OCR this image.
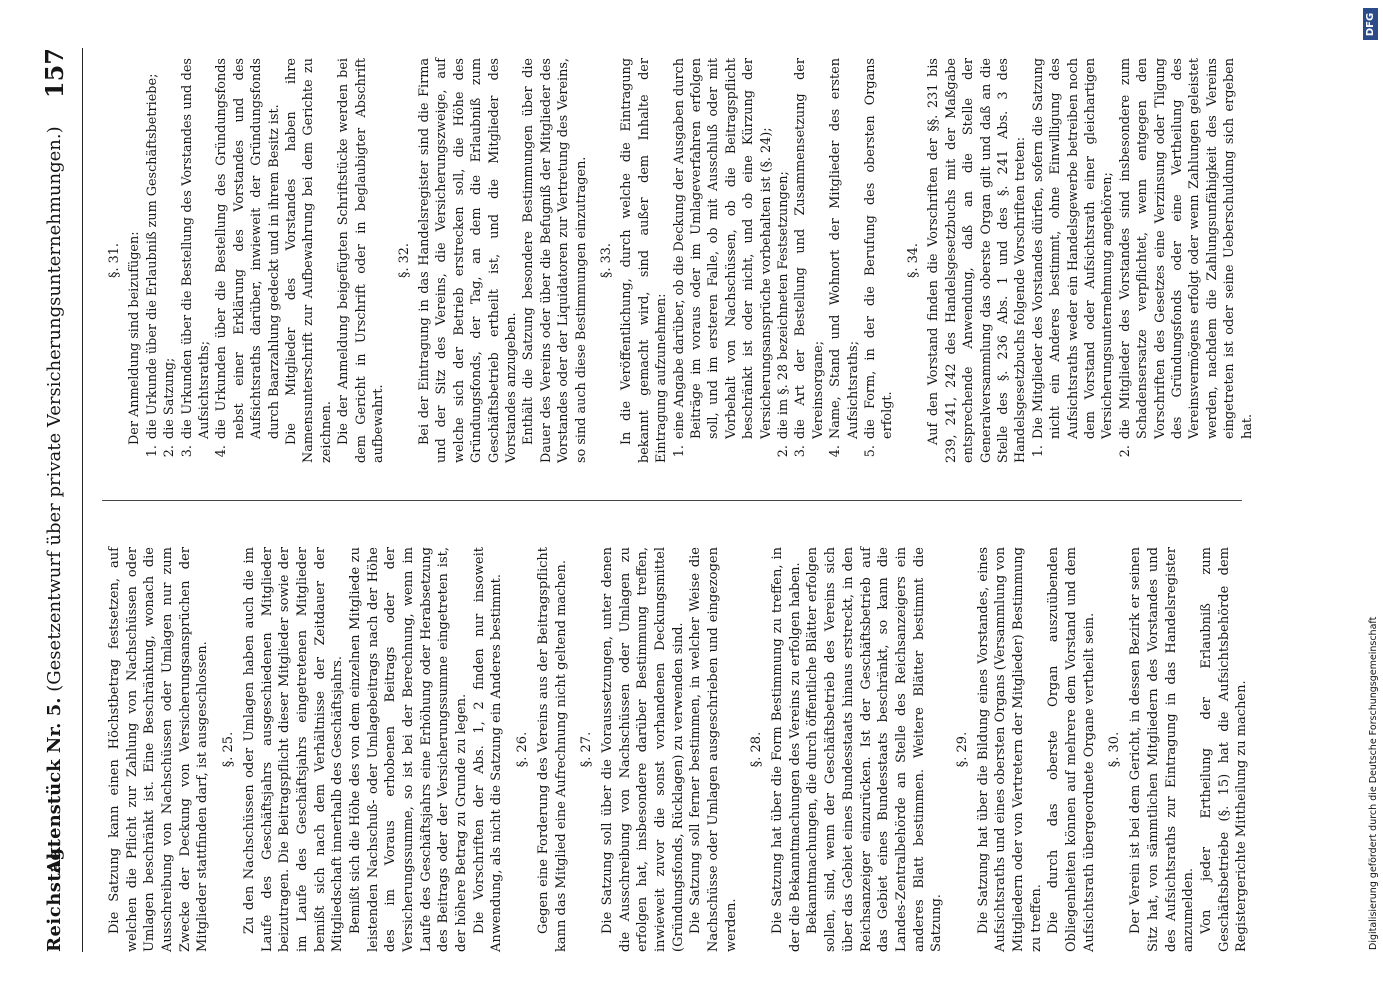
Reichstag.
Aktenstück Nr. 5. (Gesetzentwurf über private Versicherungsunternehmungen.)
157

Die Satzung kann einen Höchstbetrag festsetzen, auf welchen die Pflicht zur Zahlung von Nachschüssen oder Umlagen beschränkt ist. Eine Beschränkung, wonach die Ausschreibung von Nachschüssen oder Umlagen nur zum Zwecke der Deckung von Versicherungsansprüchen der Mitglieder stattfinden darf, ist ausgeschlossen. §. 25. Zu den Nachschüssen oder Umlagen haben auch die im Laufe des Geschäftsjahrs ausgeschiedenen Mitglieder beizutragen. Die Beitragspflicht dieser Mitglieder sowie der im Laufe des Geschäftsjahrs eingetretenen Mitglieder bemißt sich nach dem Verhältnisse der Zeitdauer der Mitgliedschaft innerhalb des Geschäftsjahrs. Bemißt sich die Höhe des von dem einzelnen Mitgliede zu leistenden Nachschuß- oder Umlagebeitrags nach der Höhe des im Voraus erhobenen Beitrags oder der Versicherungssumme, so ist bei der Berechnung, wenn im Laufe des Geschäftsjahrs eine Erhöhung oder Herabsetzung des Beitrags oder der Versicherungssumme eingetreten ist, der höhere Betrag zu Grunde zu legen. Die Vorschriften der Abs. 1, 2 finden nur insoweit Anwendung, als nicht die Satzung ein Anderes bestimmt. §. 26. Gegen eine Forderung des Vereins aus der Beitragspflicht kann das Mitglied eine Aufrechnung nicht geltend machen. §. 27. Die Satzung soll über die Voraussetzungen, unter denen die Ausschreibung von Nachschüssen oder Umlagen zu erfolgen hat, insbesondere darüber Bestimmung treffen, inwieweit zuvor die sonst vorhandenen Deckungsmittel (Gründungsfonds, Rücklagen) zu verwenden sind. Die Satzung soll ferner bestimmen, in welcher Weise die Nachschüsse oder Umlagen ausgeschrieben und eingezogen werden.

§. 28. Die Satzung hat über die Form Bestimmung zu treffen, in der die Bekanntmachungen des Vereins zu erfolgen haben. Bekanntmachungen, die durch öffentliche Blätter erfolgen sollen, sind, wenn der Geschäftsbetrieb des Vereins sich über das Gebiet eines Bundesstaats hinaus erstreckt, in den Reichsanzeiger einzurücken. Ist der Geschäftsbetrieb auf das Gebiet eines Bundesstaats beschränkt, so kann die Landes-Zentralbehörde an Stelle des Reichsanzeigers ein anderes Blatt bestimmen. Weitere Blätter bestimmt die Satzung.

§. 29. Die Satzung hat über die Bildung eines Vorstandes, eines Aufsichtsraths und eines obersten Organs (Versammlung von Mitgliedern oder von Vertretern der Mitglieder) Bestimmung zu treffen. Die durch das oberste Organ auszuübenden Obliegenheiten können auf mehrere dem Vorstand und dem Aufsichtsrath übergeordnete Organe vertheilt sein. §. 30. Der Verein ist bei dem Gericht, in dessen Bezirk er seinen Sitz hat, von sämmtlichen Mitgliedern des Vorstandes und des Aufsichtsraths zur Eintragung in das Handelsregister anzumelden. Von jeder Ertheilung der Erlaubniß zum Geschäftsbetriebe (§. 15) hat die Aufsichtsbehörde dem Registergerichte Mittheilung zu machen.

§. 31. Der Anmeldung sind beizufügen: 1. die Urkunde über die Erlaubniß zum Geschäftsbetriebe; 2. die Satzung; 3. die Urkunden über die Bestellung des Vorstandes und des Aufsichtsraths; 4. die Urkunden über die Bestellung des Gründungsfonds nebst einer Erklärung des Vorstandes und des Aufsichtsraths darüber, inwieweit der Gründungsfonds durch Baarzahlung gedeckt und in ihrem Besitz ist. Die Mitglieder des Vorstandes haben ihre Namensunterschrift zur Aufbewahrung bei dem Gerichte zu zeichnen. Die der Anmeldung beigefügten Schriftstücke werden bei dem Gericht in Urschrift oder in beglaubigter Abschrift aufbewahrt.

§. 32. Bei der Eintragung in das Handelsregister sind die Firma und der Sitz des Vereins, die Versicherungszweige, auf welche sich der Betrieb erstrecken soll, die Höhe des Gründungsfonds, der Tag, an dem die Erlaubniß zum Geschäftsbetrieb ertheilt ist, und die Mitglieder des Vorstandes anzugeben. Enthält die Satzung besondere Bestimmungen über die Dauer des Vereins oder über die Befugniß der Mitglieder des Vorstandes oder der Liquidatoren zur Vertretung des Vereins, so sind auch diese Bestimmungen einzutragen. §. 33. In die Veröffentlichung, durch welche die Eintragung bekannt gemacht wird, sind außer dem Inhalte der Eintragung aufzunehmen: 1. eine Angabe darüber, ob die Deckung der Ausgaben durch Beiträge im voraus oder im Umlageverfahren erfolgen soll, und im ersteren Falle, ob mit Ausschluß oder mit Vorbehalt von Nachschüssen, ob die Beitragspflicht beschränkt ist oder nicht, und ob eine Kürzung der Versicherungsansprüche vorbehalten ist (§. 24); 2. die im §. 28 bezeichneten Festsetzungen; 3. die Art der Bestellung und Zusammensetzung der Vereinsorgane; 4. Name, Stand und Wohnort der Mitglieder des ersten Aufsichtsraths; 5. die Form, in der die Berufung des obersten Organs erfolgt.

§. 34. Auf den Vorstand finden die Vorschriften der §§. 231 bis 239, 241, 242 des Handelsgesetzbuchs mit der Maßgabe entsprechende Anwendung, daß an die Stelle der Generalversammlung das oberste Organ gilt und daß an die Stelle des §. 236 Abs. 1 und des §. 241 Abs. 3 des Handelsgesetzbuchs folgende Vorschriften treten: 1. Die Mitglieder des Vorstandes dürfen, sofern die Satzung nicht ein Anderes bestimmt, ohne Einwilligung des Aufsichtsraths weder ein Handelsgewerbe betreiben noch dem Vorstand oder Aufsichtsrath einer gleichartigen Versicherungsunternehmung angehören; 2. die Mitglieder des Vorstandes sind insbesondere zum Schadensersatze verpflichtet, wenn entgegen den Vorschriften des Gesetzes eine Verzinsung oder Tilgung des Gründungsfonds oder eine Vertheilung des Vereinsvermögens erfolgt oder wenn Zahlungen geleistet werden, nachdem die Zahlungsunfähigkeit des Vereins eingetreten ist oder seine Ueberschuldung sich ergeben hat.
Digitalisierung gefördert durch die Deutsche Forschungsgemeinschaft
DFG
